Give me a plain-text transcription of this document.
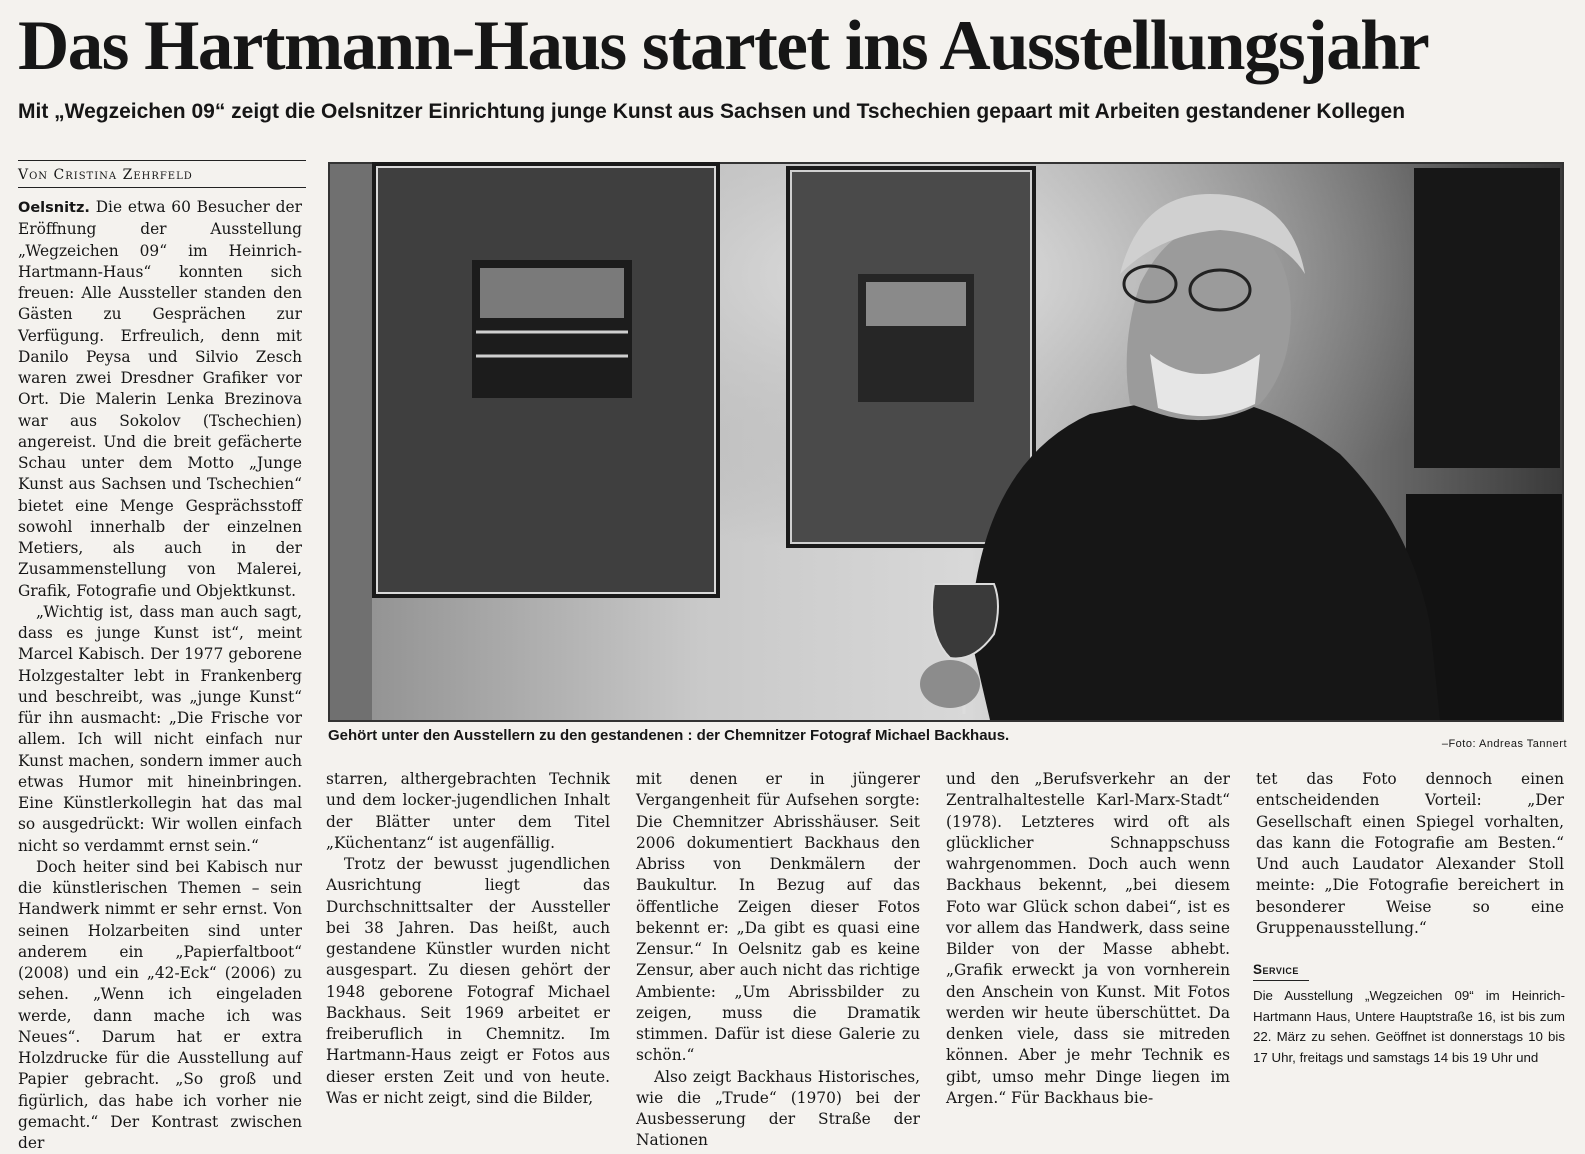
Das Hartmann-Haus startet ins Ausstellungsjahr
Mit „Wegzeichen 09“ zeigt die Oelsnitzer Einrichtung junge Kunst aus Sachsen und Tschechien gepaart mit Arbeiten gestandener Kollegen
Von Cristina Zehrfeld

Oelsnitz. Die etwa 60 Besucher der Eröffnung der Ausstellung „Wegzeichen 09“ im Heinrich-Hartmann-Haus“ konnten sich freuen: Alle Aussteller standen den Gästen zu Gesprächen zur Verfügung. Erfreulich, denn mit Danilo Peysa und Silvio Zesch waren zwei Dresdner Grafiker vor Ort. Die Malerin Lenka Brezinova war aus Sokolov (Tschechien) angereist. Und die breit gefächerte Schau unter dem Motto „Junge Kunst aus Sachsen und Tschechien“ bietet eine Menge Gesprächsstoff sowohl innerhalb der einzelnen Metiers, als auch in der Zusammenstellung von Malerei, Grafik, Fotografie und Objektkunst.

„Wichtig ist, dass man auch sagt, dass es junge Kunst ist“, meint Marcel Kabisch. Der 1977 geborene Holzgestalter lebt in Frankenberg und beschreibt, was „junge Kunst“ für ihn ausmacht: „Die Frische vor allem. Ich will nicht einfach nur Kunst machen, sondern immer auch etwas Humor mit hineinbringen. Eine Künstlerkollegin hat das mal so ausgedrückt: Wir wollen einfach nicht so verdammt ernst sein.“

Doch heiter sind bei Kabisch nur die künstlerischen Themen – sein Handwerk nimmt er sehr ernst. Von seinen Holzarbeiten sind unter anderem ein „Papierfaltboot“ (2008) und ein „42-Eck“ (2006) zu sehen. „Wenn ich eingeladen werde, dann mache ich was Neues“. Darum hat er extra Holzdrucke für die Ausstellung auf Papier gebracht. „So groß und figürlich, das habe ich vorher nie gemacht.“ Der Kontrast zwischen der

Gehört unter den Ausstellern zu den gestandenen : der Chemnitzer Fotograf Michael Backhaus.	–Foto: Andreas Tannert

starren, althergebrachten Technik und dem locker-jugendlichen Inhalt der Blätter unter dem Titel „Küchentanz“ ist augenfällig.

Trotz der bewusst jugendlichen Ausrichtung liegt das Durchschnittsalter der Aussteller bei 38 Jahren. Das heißt, auch gestandene Künstler wurden nicht ausgespart. Zu diesen gehört der 1948 geborene Fotograf Michael Backhaus. Seit 1969 arbeitet er freiberuflich in Chemnitz. Im Hartmann-Haus zeigt er Fotos aus dieser ersten Zeit und von heute. Was er nicht zeigt, sind die Bilder,

mit denen er in jüngerer Vergangenheit für Aufsehen sorgte: Die Chemnitzer Abrisshäuser. Seit 2006 dokumentiert Backhaus den Abriss von Denkmälern der Baukultur. In Bezug auf das öffentliche Zeigen dieser Fotos bekennt er: „Da gibt es quasi eine Zensur.“ In Oelsnitz gab es keine Zensur, aber auch nicht das richtige Ambiente: „Um Abrissbilder zu zeigen, muss die Dramatik stimmen. Dafür ist diese Galerie zu schön.“

Also zeigt Backhaus Historisches, wie die „Trude“ (1970) bei der Ausbesserung der Straße der Nationen

und den „Berufsverkehr an der Zentralhaltestelle Karl-Marx-Stadt“ (1978). Letzteres wird oft als glücklicher Schnappschuss wahrgenommen. Doch auch wenn Backhaus bekennt, „bei diesem Foto war Glück schon dabei“, ist es vor allem das Handwerk, dass seine Bilder von der Masse abhebt. „Grafik erweckt ja von vornherein den Anschein von Kunst. Mit Fotos werden wir heute überschüttet. Da denken viele, dass sie mitreden können. Aber je mehr Technik es gibt, umso mehr Dinge liegen im Argen.“ Für Backhaus bie-

tet das Foto dennoch einen entscheidenden Vorteil: „Der Gesellschaft einen Spiegel vorhalten, das kann die Fotografie am Besten.“ Und auch Laudator Alexander Stoll meinte: „Die Fotografie bereichert in besonderer Weise so eine Gruppenausstellung.“

Service
Die Ausstellung „Wegzeichen 09“ im Heinrich-Hartmann Haus, Untere Hauptstraße 16, ist bis zum 22. März zu sehen. Geöffnet ist donnerstags 10 bis 17 Uhr, freitags und samstags 14 bis 19 Uhr und
